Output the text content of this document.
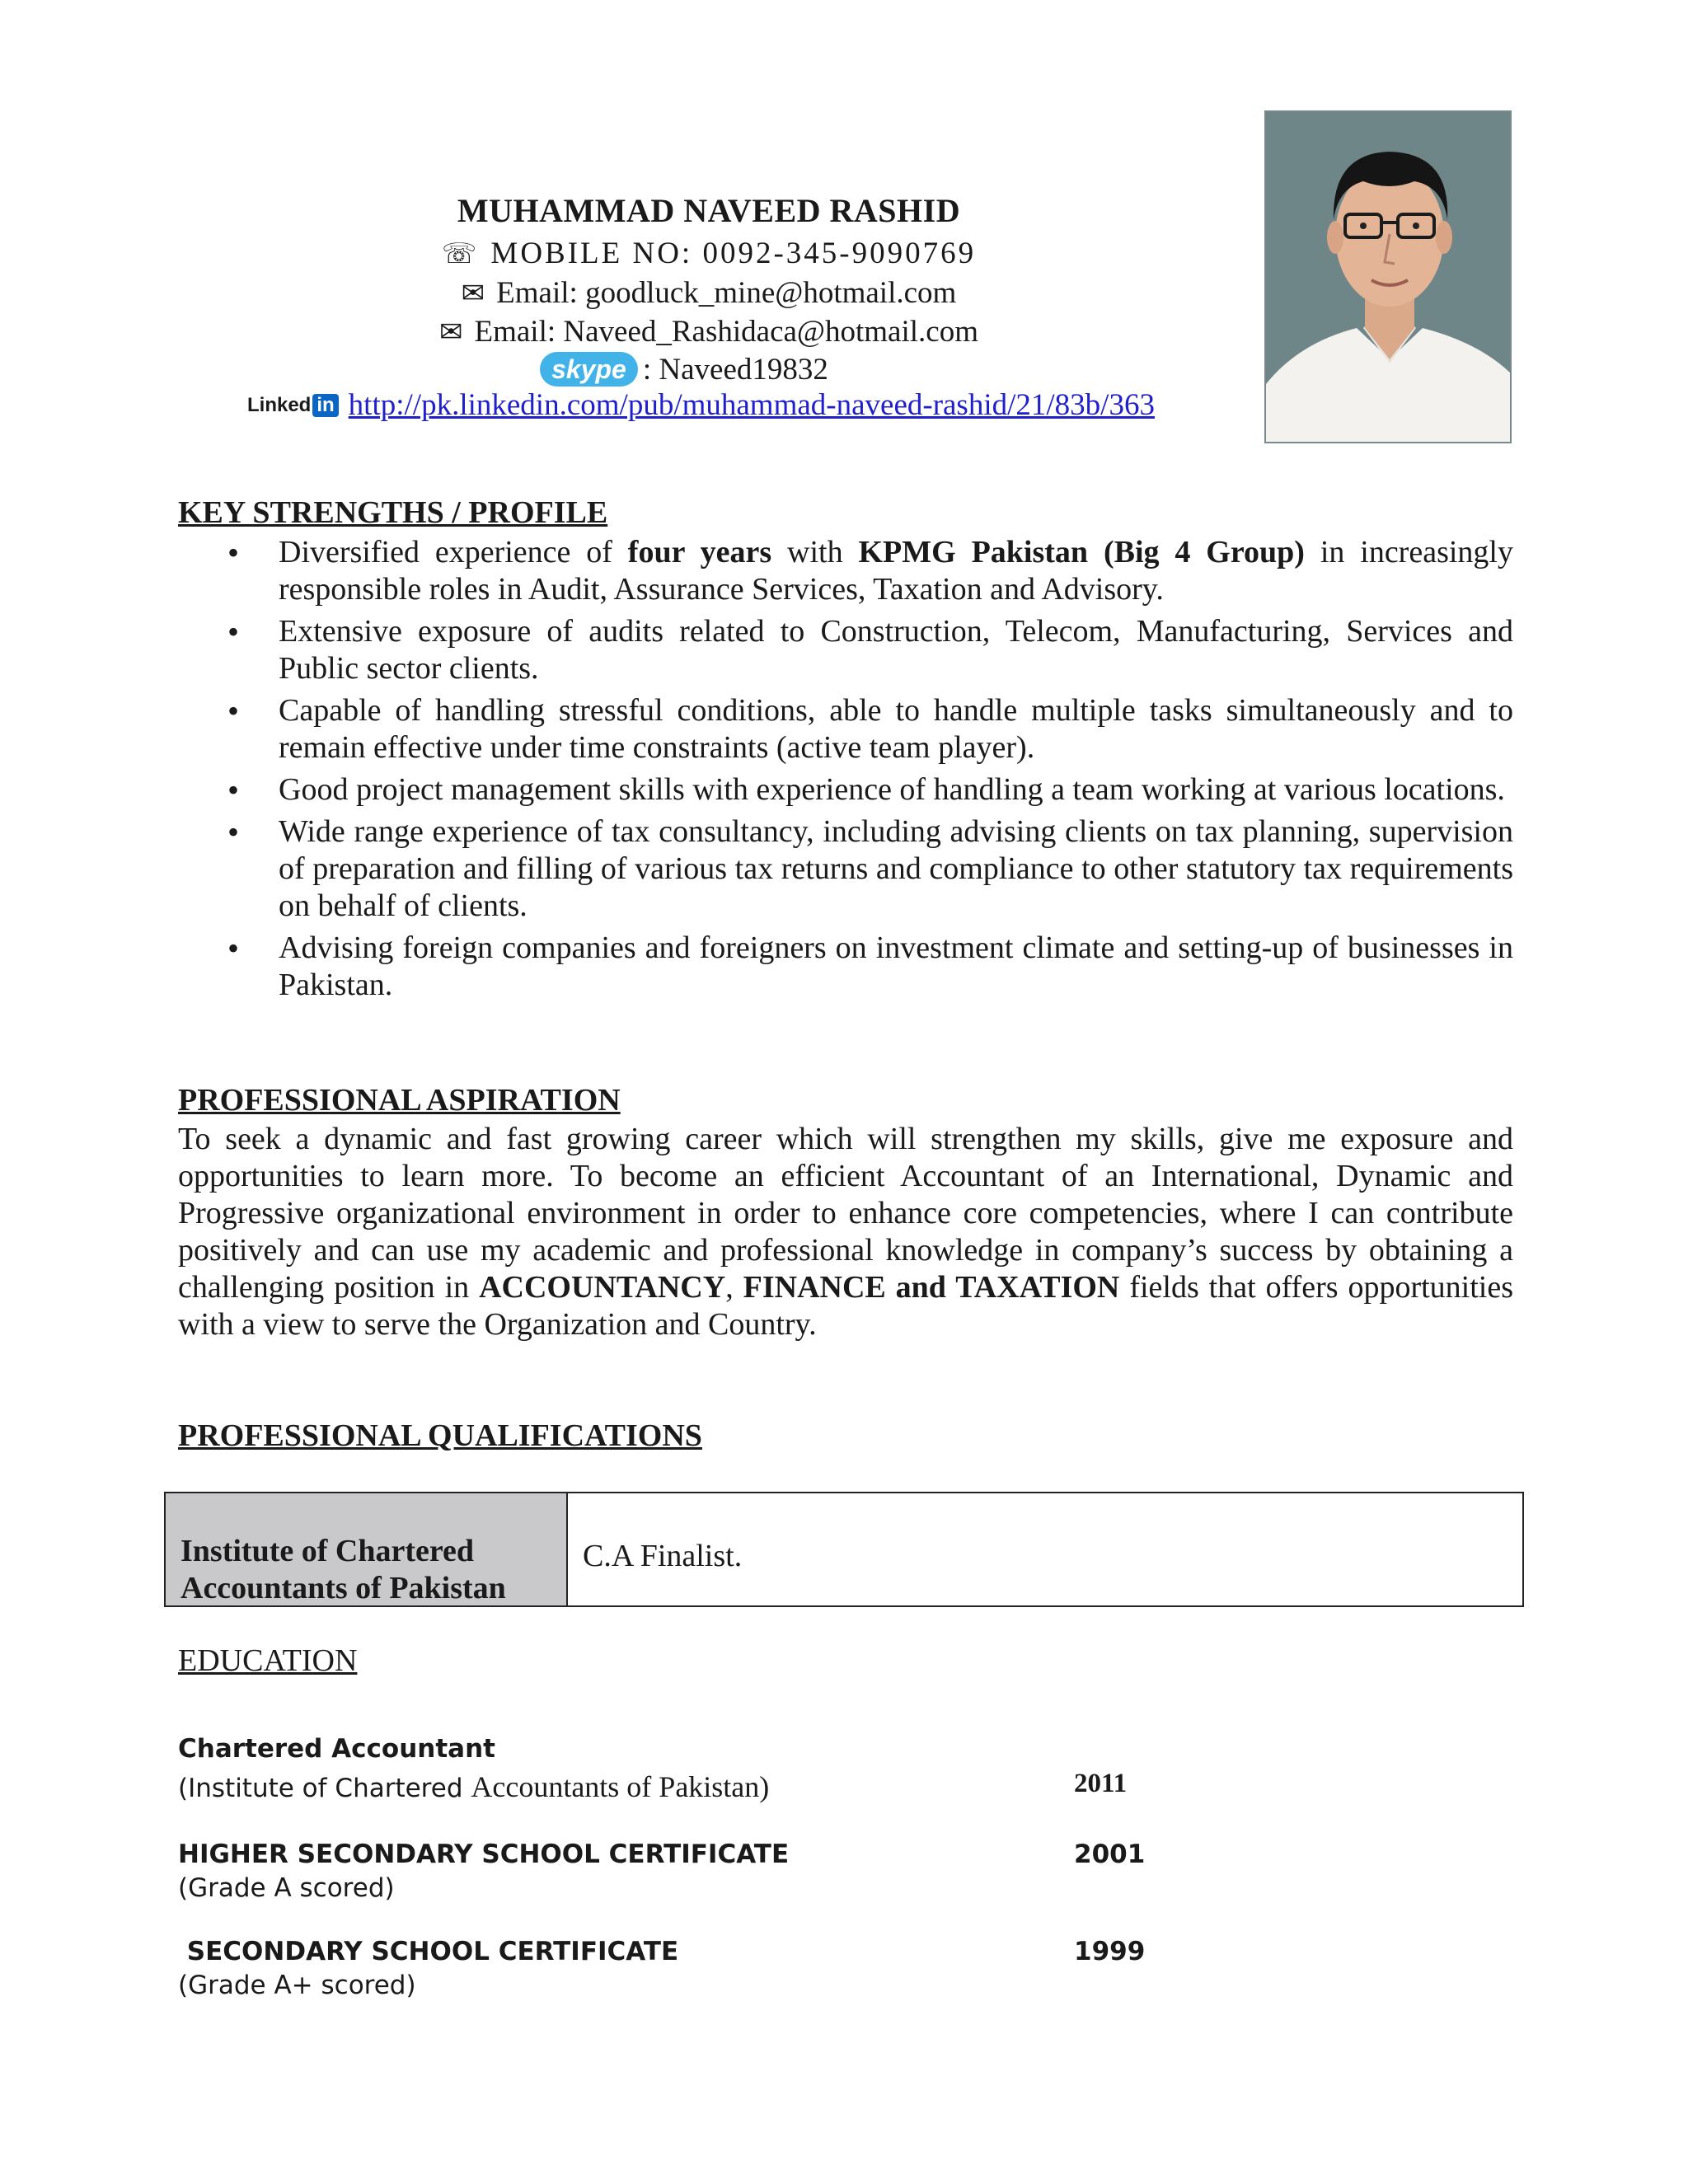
MUHAMMAD NAVEED RASHID
☏ MOBILE NO: 0092-345-9090769
✉ Email: goodluck_mine@hotmail.com
✉ Email: Naveed_Rashidaca@hotmail.com
skype : Naveed19832
Linked in http://pk.linkedin.com/pub/muhammad-naveed-rashid/21/83b/363
KEY STRENGTHS / PROFILE
• Diversified experience of four years with KPMG Pakistan (Big 4 Group) in increasingly responsible roles in Audit, Assurance Services, Taxation and Advisory.
• Extensive exposure of audits related to Construction, Telecom, Manufacturing, Services and Public sector clients.
• Capable of handling stressful conditions, able to handle multiple tasks simultaneously and to remain effective under time constraints (active team player).
• Good project management skills with experience of handling a team working at various locations.
• Wide range experience of tax consultancy, including advising clients on tax planning, supervision of preparation and filling of various tax returns and compliance to other statutory tax requirements on behalf of clients.
• Advising foreign companies and foreigners on investment climate and setting-up of businesses in Pakistan.
PROFESSIONAL ASPIRATION
To seek a dynamic and fast growing career which will strengthen my skills, give me exposure and opportunities to learn more. To become an efficient Accountant of an International, Dynamic and Progressive organizational environment in order to enhance core competencies, where I can contribute positively and can use my academic and professional knowledge in company’s success by obtaining a challenging position in ACCOUNTANCY, FINANCE and TAXATION fields that offers opportunities with a view to serve the Organization and Country.
PROFESSIONAL QUALIFICATIONS
Institute of Chartered
Accountants of Pakistan
C.A Finalist.
EDUCATION
Chartered Accountant
(Institute of Chartered Accountants of Pakistan)	2011
HIGHER SECONDARY SCHOOL CERTIFICATE
(Grade A scored)
2001
SECONDARY SCHOOL CERTIFICATE
(Grade A+ scored)
1999
